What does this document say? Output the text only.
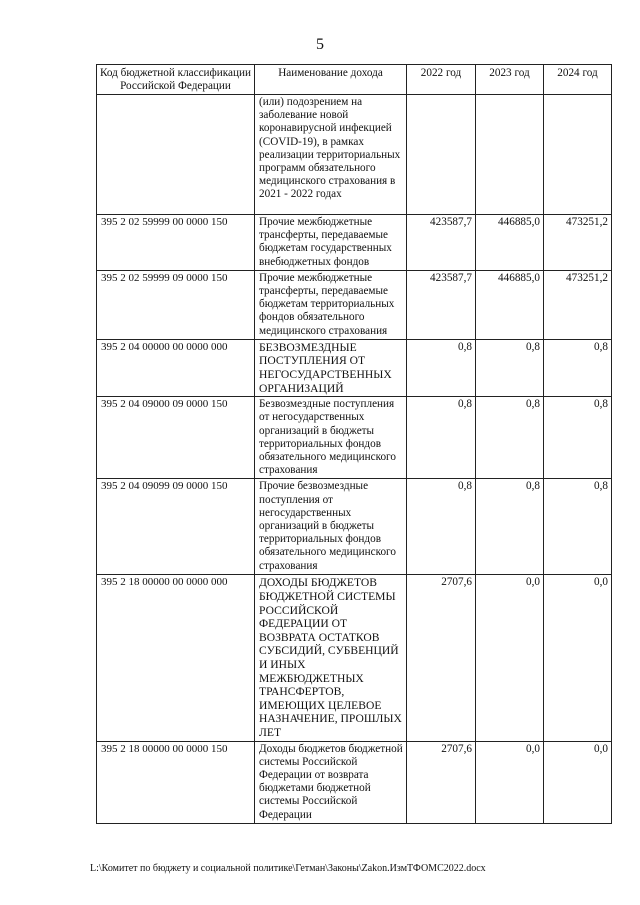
5
Код бюджетной классификации Российской Федерации	Наименование дохода	2022 год	2023 год	2024 год
	(или) подозрением на заболевание новой коронавирусной инфекцией (COVID-19), в рамках реализации территориальных программ обязательного медицинского страхования в 2021 - 2022 годах			
395 2 02 59999 00 0000 150	Прочие межбюджетные трансферты, передаваемые бюджетам государственных внебюджетных фондов	423587,7	446885,0	473251,2
395 2 02 59999 09 0000 150	Прочие межбюджетные трансферты, передаваемые бюджетам территориальных фондов обязательного медицинского страхования	423587,7	446885,0	473251,2
395 2 04 00000 00 0000 000	БЕЗВОЗМЕЗДНЫЕ ПОСТУПЛЕНИЯ ОТ НЕГОСУДАРСТВЕННЫХ ОРГАНИЗАЦИЙ	0,8	0,8	0,8
395 2 04 09000 09 0000 150	Безвозмездные поступления от негосударственных организаций в бюджеты территориальных фондов обязательного медицинского страхования	0,8	0,8	0,8
395 2 04 09099 09 0000 150	Прочие безвозмездные поступления от негосударственных организаций в бюджеты территориальных фондов обязательного медицинского страхования	0,8	0,8	0,8
395 2 18 00000 00 0000 000	ДОХОДЫ БЮДЖЕТОВ БЮДЖЕТНОЙ СИСТЕМЫ РОССИЙСКОЙ ФЕДЕРАЦИИ ОТ ВОЗВРАТА ОСТАТКОВ СУБСИДИЙ, СУБВЕНЦИЙ И ИНЫХ МЕЖБЮДЖЕТНЫХ ТРАНСФЕРТОВ, ИМЕЮЩИХ ЦЕЛЕВОЕ НАЗНАЧЕНИЕ, ПРОШЛЫХ ЛЕТ	2707,6	0,0	0,0
395 2 18 00000 00 0000 150	Доходы бюджетов бюджетной системы Российской Федерации от возврата бюджетами бюджетной системы Российской Федерации	2707,6	0,0	0,0
L:\Комитет по бюджету и социальной политике\Гетман\Законы\Zakon.ИзмТФОМС2022.docx
